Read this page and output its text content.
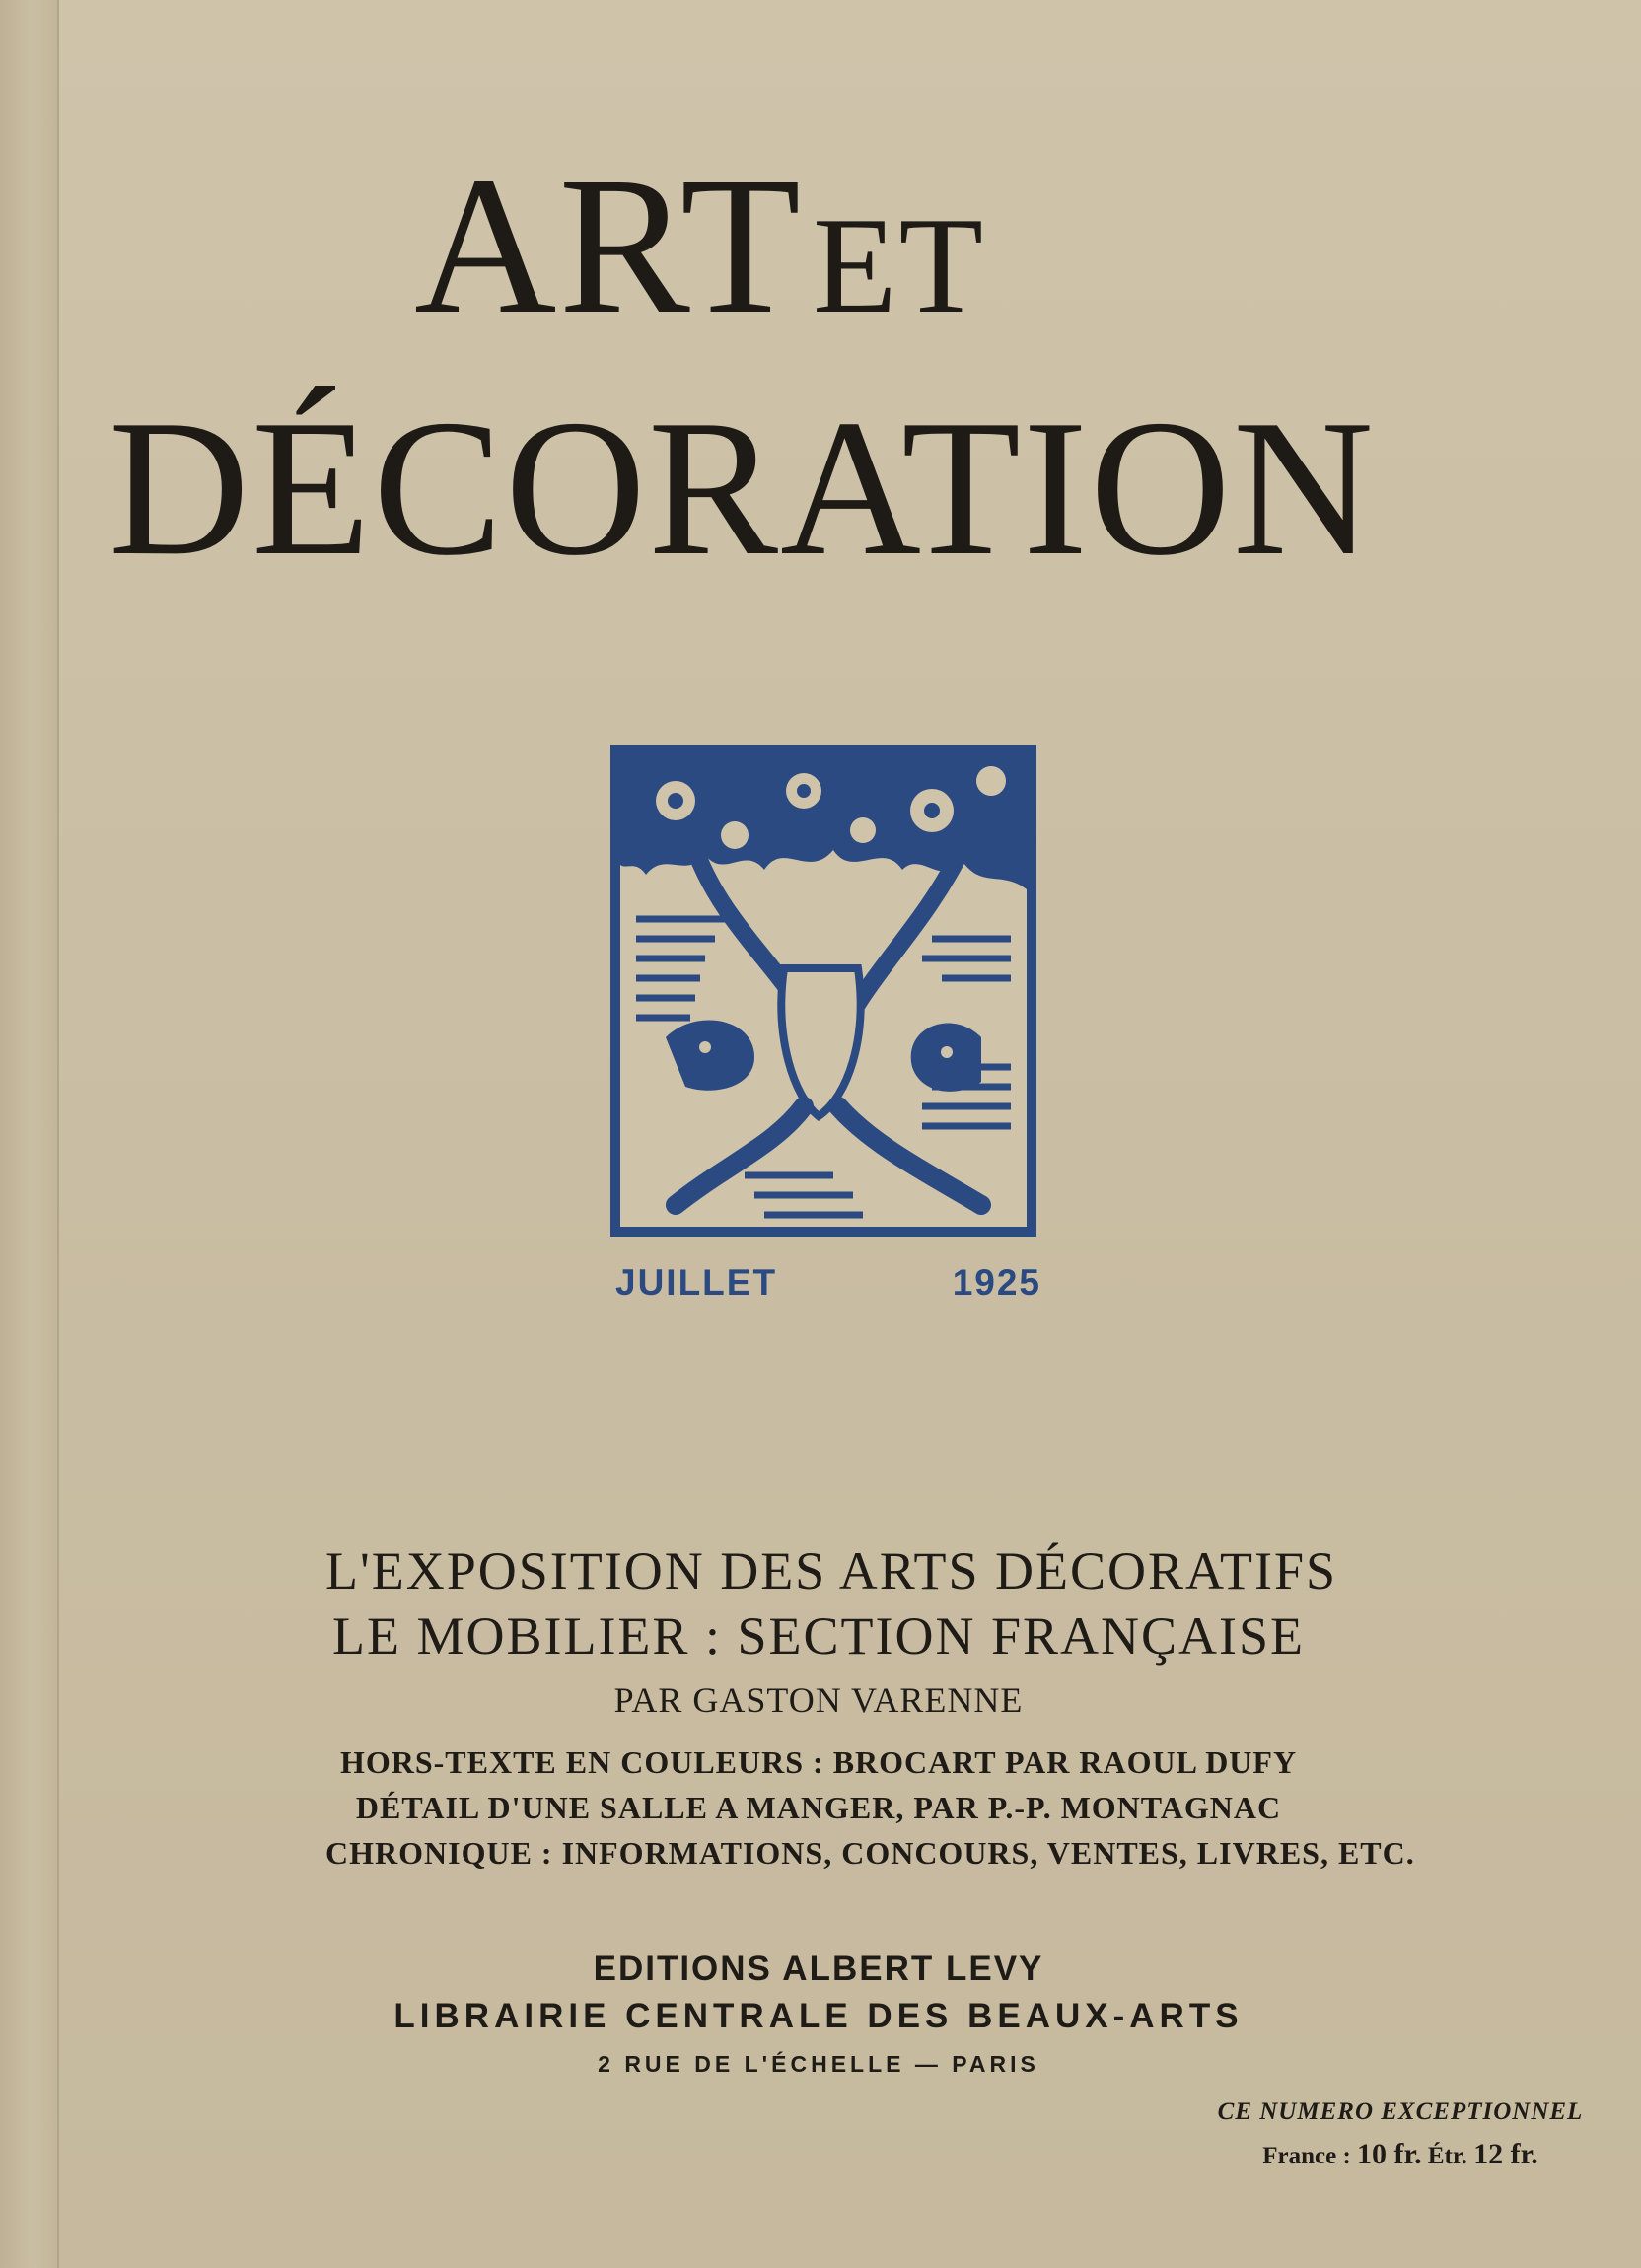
ARTET
DÉCORATION
JUILLET	1925
L'EXPOSITION DES ARTS DÉCORATIFS
LE MOBILIER : SECTION FRANÇAISE
PAR GASTON VARENNE
HORS-TEXTE EN COULEURS : BROCART PAR RAOUL DUFY
DÉTAIL D'UNE SALLE A MANGER, PAR P.-P. MONTAGNAC
CHRONIQUE : INFORMATIONS, CONCOURS, VENTES, LIVRES, ETC.
EDITIONS ALBERT LEVY
LIBRAIRIE CENTRALE DES BEAUX-ARTS
2 RUE DE L'ÉCHELLE — PARIS
CE NUMERO EXCEPTIONNEL
France : 10 fr. Étr. 12 fr.
